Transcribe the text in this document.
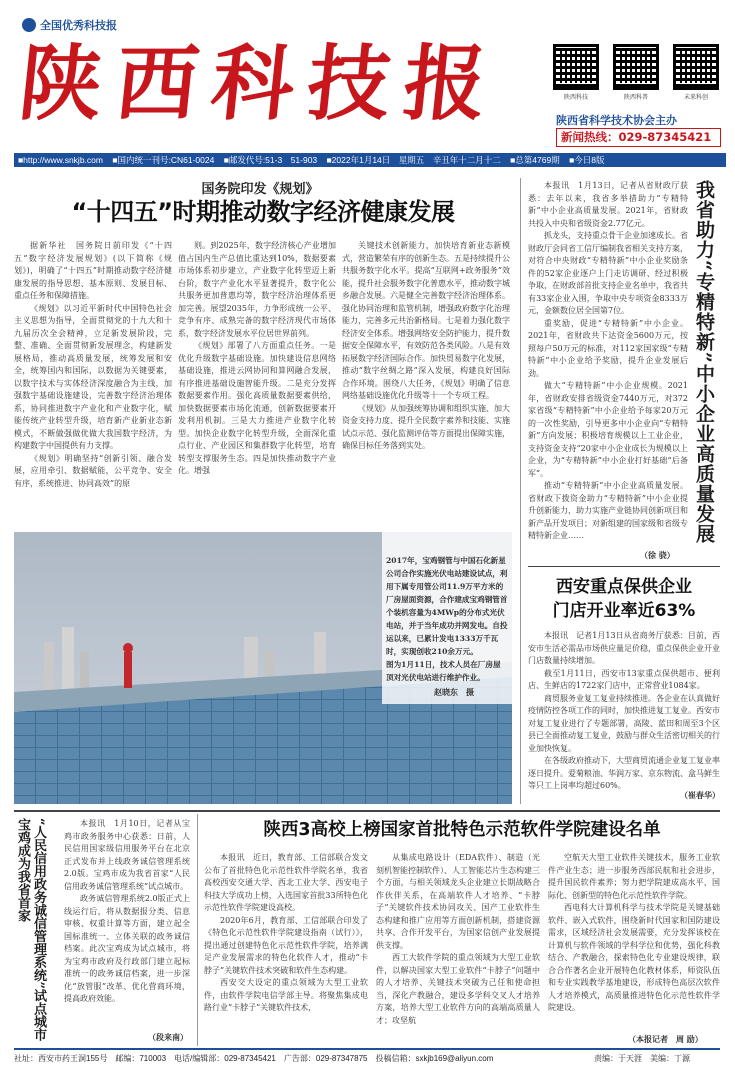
全国优秀科技报
陕西科技报	陕西科技	陕西科普	未来科创
陕西省科学技术协会主办
新闻热线：029-87345421
■http://www.snkjb.com ■国内统一刊号:CN61-0024 ■邮发代号:51-3　51-903 ■2022年1月14日　星期五　辛丑年十二月十二 ■总第4769期 ■今日8版
国务院印发《规划》
“十四五”时期推动数字经济健康发展

据新华社　国务院日前印发《“十四五”数字经济发展规划》(以下简称《规划》)，明确了“十四五”时期推动数字经济健康发展的指导思想、基本原则、发展目标、重点任务和保障措施。

《规划》以习近平新时代中国特色社会主义思想为指导，全面贯彻党的十九大和十九届历次全会精神，立足新发展阶段，完整、准确、全面贯彻新发展理念，构建新发展格局，推动高质量发展，统筹发展和安全，统筹国内和国际，以数据为关键要素，以数字技术与实体经济深度融合为主线，加强数字基础设施建设，完善数字经济治理体系，协同推进数字产业化和产业数字化，赋能传统产业转型升级，培育新产业新业态新模式，不断做强做优做大我国数字经济，为构建数字中国提供有力支撑。

《规划》明确坚持“创新引领、融合发展，应用牵引、数据赋能，公平竞争、安全有序，系统推进、协同高效”的原

则。到2025年，数字经济核心产业增加值占国内生产总值比重达到10%，数据要素市场体系初步建立，产业数字化转型迈上新台阶，数字产业化水平显著提升，数字化公共服务更加普惠均等，数字经济治理体系更加完善。展望2035年，力争形成统一公平、竞争有序、成熟完备的数字经济现代市场体系，数字经济发展水平位居世界前列。

《规划》部署了八方面重点任务。一是优化升级数字基础设施。加快建设信息网络基础设施，推进云网协同和算网融合发展，有序推进基础设施智能升级。二是充分发挥数据要素作用。强化高质量数据要素供给，加快数据要素市场化流通，创新数据要素开发利用机制。三是大力推进产业数字化转型。加快企业数字化转型升级，全面深化重点行业、产业园区和集群数字化转型，培育转型支撑服务生态。四是加快推动数字产业化。增强

关键技术创新能力，加快培育新业态新模式，营造繁荣有序的创新生态。五是持续提升公共服务数字化水平。提高“互联网+政务服务”效能，提升社会服务数字化普惠水平，推动数字城乡融合发展。六是健全完善数字经济治理体系。强化协同治理和监管机制，增强政府数字化治理能力，完善多元共治新格局。七是着力强化数字经济安全体系。增强网络安全防护能力，提升数据安全保障水平，有效防范各类风险。八是有效拓展数字经济国际合作。加快贸易数字化发展，推动“数字丝绸之路”深入发展，构建良好国际合作环境。围绕八大任务，《规划》明确了信息网络基础设施优化升级等十一个专项工程。

《规划》从加强统筹协调和组织实施、加大资金支持力度、提升全民数字素养和技能、实施试点示范、强化监测评估等方面提出保障实施，确保目标任务落到实处。

2017年，宝鸡钢管与中国石化新星公司合作实施光伏电站建设试点，利用下属专用管公司11.9万平方米的厂房屋面资源，合作建成宝鸡钢管首个装机容量为4MWp的分布式光伏电站，并于当年成功并网发电。自投运以来，已累计发电1333万千瓦时，实现创收210余万元。

图为1月11日，技术人员在厂房屋顶对光伏电站进行维护作业。

赵晓东　摄

本报讯　1月13日，记者从省财政厅获悉：去年以来，我省多举措助力“专精特新”中小企业高质量发展。2021年，省财政共投入中央和省级资金2.77亿元。

抓龙头，支持重点骨干企业加速成长。省财政厅会同省工信厅编制我省相关支持方案，对符合中央财政“专精特新”中小企业奖励条件的52家企业逐户上门走访调研、经过积极争取，在财政部首批支持企业名单中，我省共有33家企业入围，争取中央专项资金8333万元，金额数位居全国第7位。

重奖励，促进“专精特新”中小企业。2021年，省财政共下达资金5600万元，按照每户50万元的标准，对112家国家级“专精特新”中小企业给予奖励，提升企业发展后劲。

做大“专精特新”中小企业规模。2021年，省财政安排省级资金7440万元，对372家省级“专精特新”中小企业给予每家20万元的一次性奖励，引导更多中小企业向“专精特新”方向发展；积极培育规模以上工业企业，支持资金支持“20家中小企业成长为规模以上企业，为“专精特新”中小企业打好基础“后备军”。

推动“专精特新”中小企业高质量发展。省财政下拨资金助力“专精特新”中小企业提升创新能力，助力实施产业链协同创新项目和新产品开发项目；对新组建的国家级和省级专精特新企业……

（徐 骁）
我省助力“专精特新”中小企业高质量发展
西安重点保供企业
门店开业率近63%

本报讯　记者1月13日从省商务厅获悉：目前，西安市生活必需品市场供应量足价稳，重点保供企业开业门店数量持续增加。

截至1月11日，西安市13家重点保供超市、便利店、生鲜店的1722家门店中，正常营业1084家。

商贸服务业复工复业持续推进。各企业在认真做好疫情防控各项工作的同时，加快推进复工复业。西安市对复工复业进行了专题部署，高陵、蓝田和周至3个区县已全面推动复工复业，鼓励与群众生活密切相关的行业加快恢复。

在各级政府推动下，大型商贸流通企业复工复业率逐日提升。爱菊粮油、华润万家、京东物流、盒马鲜生等只工上岗率均超过60%。

（崔春华）
“人民信用政务诚信管理系统”试点城市宝鸡成为我省首家	本报讯　1月10日，记者从宝鸡市政务服务中心获悉：日前，人民信用国家级信用服务平台在北京正式发布并上线政务诚信管理系统2.0版。宝鸡市成为我省首家“人民信用政务诚信管理系统”试点城市。

政务诚信管理系统2.0版正式上线运行后，将从数据报分类、信息审核、权重计算等方面，建立起全国标准统一、立体关联的政务诚信档案。此次宝鸡成为试点城市，将为宝鸡市政府及行政部门建立起标准统一的政务诚信档案，进一步深化“放管服”改革、优化营商环境，提高政府效能。

（段来南）
陕西3高校上榜国家首批特色示范软件学院建设名单

本报讯　近日，教育部、工信部联合发文公布了首批特色化示范性软件学院名单，我省高校西安交通大学、西北工业大学、西安电子科技大学成功上榜，入选国家首批33所特色化示范性软件学院建设高校。

2020年6月，教育部、工信部联合印发了《特色化示范性软件学院建设指南（试行）》，提出通过创建特色化示范性软件学院，培养满足产业发展需求的特色化软件人才，推动“卡脖子”关键软件技术突破和软件生态构建。

西安交大设定的重点领域为大型工业软件，由软件学院电信学部主导。将聚焦集成电路行业“卡脖子”关键软件技术，

从集成电路设计（EDA软件）、制造（光刻机智能控制软件）、人工智能芯片生态构建三个方面，与相关领域龙头企业建立长期战略合作伙伴关系，在高端软件人才培养、“卡脖子”关键软件技术协同攻关、国产工业软件生态构建和推广应用等方面创新机制，搭建资源共享、合作开发平台，为国家信创产业发展提供支撑。

西工大软件学院的重点领域为大型工业软件，以解决国家大型工业软件“卡脖子”问题中的人才培养、关键技术突破为己任和使命担当，深化产教融合，建设多学科交叉人才培养方案，培养大型工业软件方向的高端高质量人才；攻坚航

空航天大型工业软件关键技术，服务工业软件产业生态；进一步服务西部民航和社会进步，提升国民软件素养；努力把学院建成高水平、国际化、创新型的特色化示范性软件学院。

西电科大计算机科学与技术学院是关键基础软件、嵌入式软件，围绕新时代国家和国防建设需求，区域经济社会发展需要，充分发挥该校在计算机与软件领域的学科学位和优势，强化科教结合、产教融合，探索特色化专业建设规律，联合合作著名企业开展特色化教材体系，师资队伍和专业实践教学基地建设，形成特色高层次软件人才培养模式，高质量推进特色化示范性软件学院建设。

（本报记者　周 励）
社址：西安市药王洞155号　邮编：710003　电话/编辑部：029-87345421　广告部：029-87347875　投稿信箱：sxkjb169@aliyun.com	责编：于天涯　美编：丁源
